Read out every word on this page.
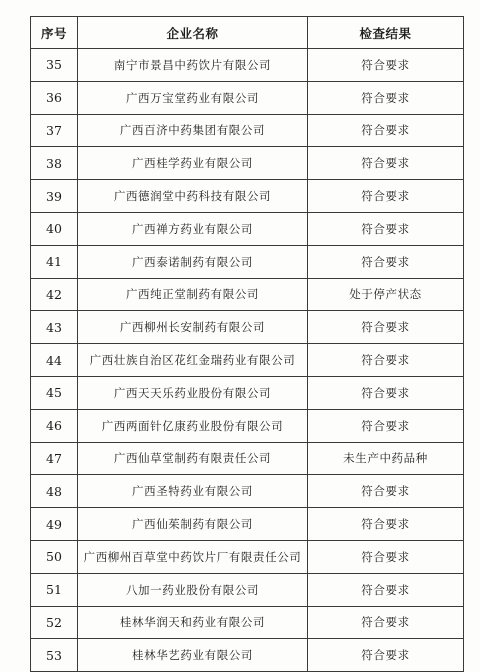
序号	企业名称	检查结果
35	南宁市景昌中药饮片有限公司	符合要求
36	广西万宝堂药业有限公司	符合要求
37	广西百济中药集团有限公司	符合要求
38	广西桂学药业有限公司	符合要求
39	广西德润堂中药科技有限公司	符合要求
40	广西禅方药业有限公司	符合要求
41	广西泰诺制药有限公司	符合要求
42	广西纯正堂制药有限公司	处于停产状态
43	广西柳州长安制药有限公司	符合要求
44	广西壮族自治区花红金瑞药业有限公司	符合要求
45	广西天天乐药业股份有限公司	符合要求
46	广西两面针亿康药业股份有限公司	符合要求
47	广西仙草堂制药有限责任公司	未生产中药品种
48	广西圣特药业有限公司	符合要求
49	广西仙茱制药有限公司	符合要求
50	广西柳州百草堂中药饮片厂有限责任公司	符合要求
51	八加一药业股份有限公司	符合要求
52	桂林华润天和药业有限公司	符合要求
53	桂林华艺药业有限公司	符合要求
